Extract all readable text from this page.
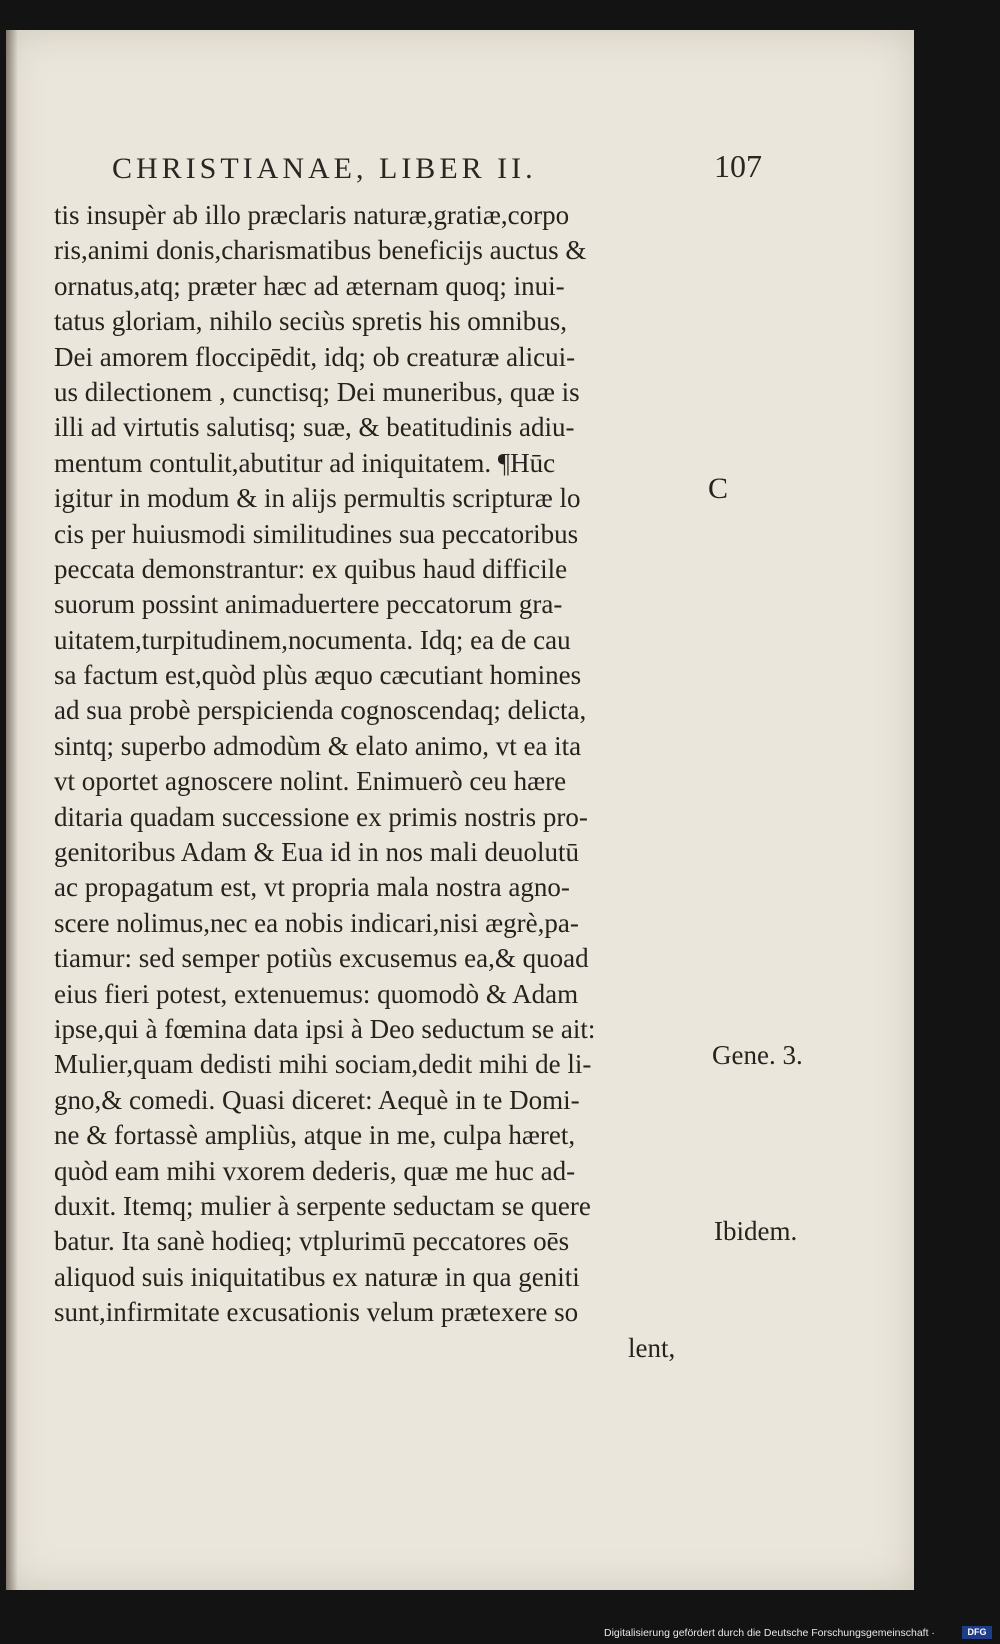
CHRISTIANAE, LIBER II.	107
tis insupèr ab illo præclaris naturæ,gratiæ,corpo
ris,animi donis,charismatibus beneficijs auctus &
ornatus,atq; præter hæc ad æternam quoq; inui-
tatus gloriam, nihilo seciùs spretis his omnibus,
Dei amorem floccipēdit, idq; ob creaturæ alicui-
us dilectionem , cunctisq; Dei muneribus, quæ is
illi ad virtutis salutisq; suæ, & beatitudinis adiu-
mentum contulit,abutitur ad iniquitatem. ¶Hūc
igitur in modum & in alijs permultis scripturæ lo
cis per huiusmodi similitudines sua peccatoribus
peccata demonstrantur: ex quibus haud difficile
suorum possint animaduertere peccatorum gra-
uitatem,turpitudinem,nocumenta. Idq; ea de cau
sa factum est,quòd plùs æquo cæcutiant homines
ad sua probè perspicienda cognoscendaq; delicta,
sintq; superbo admodùm & elato animo, vt ea ita
vt oportet agnoscere nolint. Enimuerò ceu hære
ditaria quadam successione ex primis nostris pro-
genitoribus Adam & Eua id in nos mali deuolutū
ac propagatum est, vt propria mala nostra agno-
scere nolimus,nec ea nobis indicari,nisi ægrè,pa-
tiamur: sed semper potiùs excusemus ea,& quoad
eius fieri potest, extenuemus: quomodò & Adam
ipse,qui à fœmina data ipsi à Deo seductum se ait:
Mulier,quam dedisti mihi sociam,dedit mihi de li-
gno,& comedi. Quasi diceret: Aequè in te Domi-
ne & fortassè ampliùs, atque in me, culpa hæret,
quòd eam mihi vxorem dederis, quæ me huc ad-
duxit. Itemq; mulier à serpente seductam se quere
batur. Ita sanè hodieq; vtplurimū peccatores oēs
aliquod suis iniquitatibus ex naturæ in qua geniti
sunt,infirmitate excusationis velum prætexere so
lent,
C
Gene. 3.
Ibidem.
Digitalisierung gefördert durch die Deutsche Forschungsgemeinschaft ·	DFG
